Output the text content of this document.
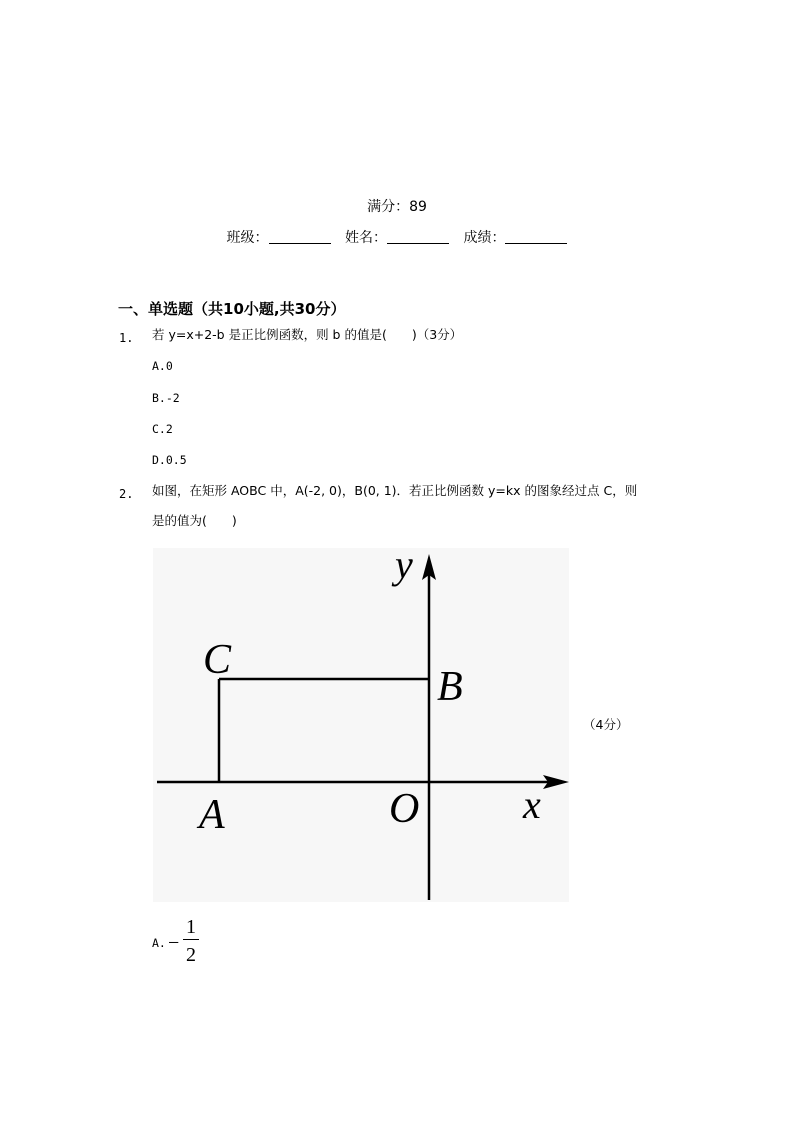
满分：89
班级：	姓名：	成绩：
一、单选题（共10小题,共30分）
1. 若 y=x+2-b 是正比例函数，则 b 的值是(　　)（3分）
A.0
B.-2
C.2
D.0.5
2. 如图，在矩形 AOBC 中，A(-2, 0)，B(0, 1)．若正比例函数 y=kx 的图象经过点 C，则
是的值为(　　)
y
x
C
B
A	O
（4分）
A. −
1
2
